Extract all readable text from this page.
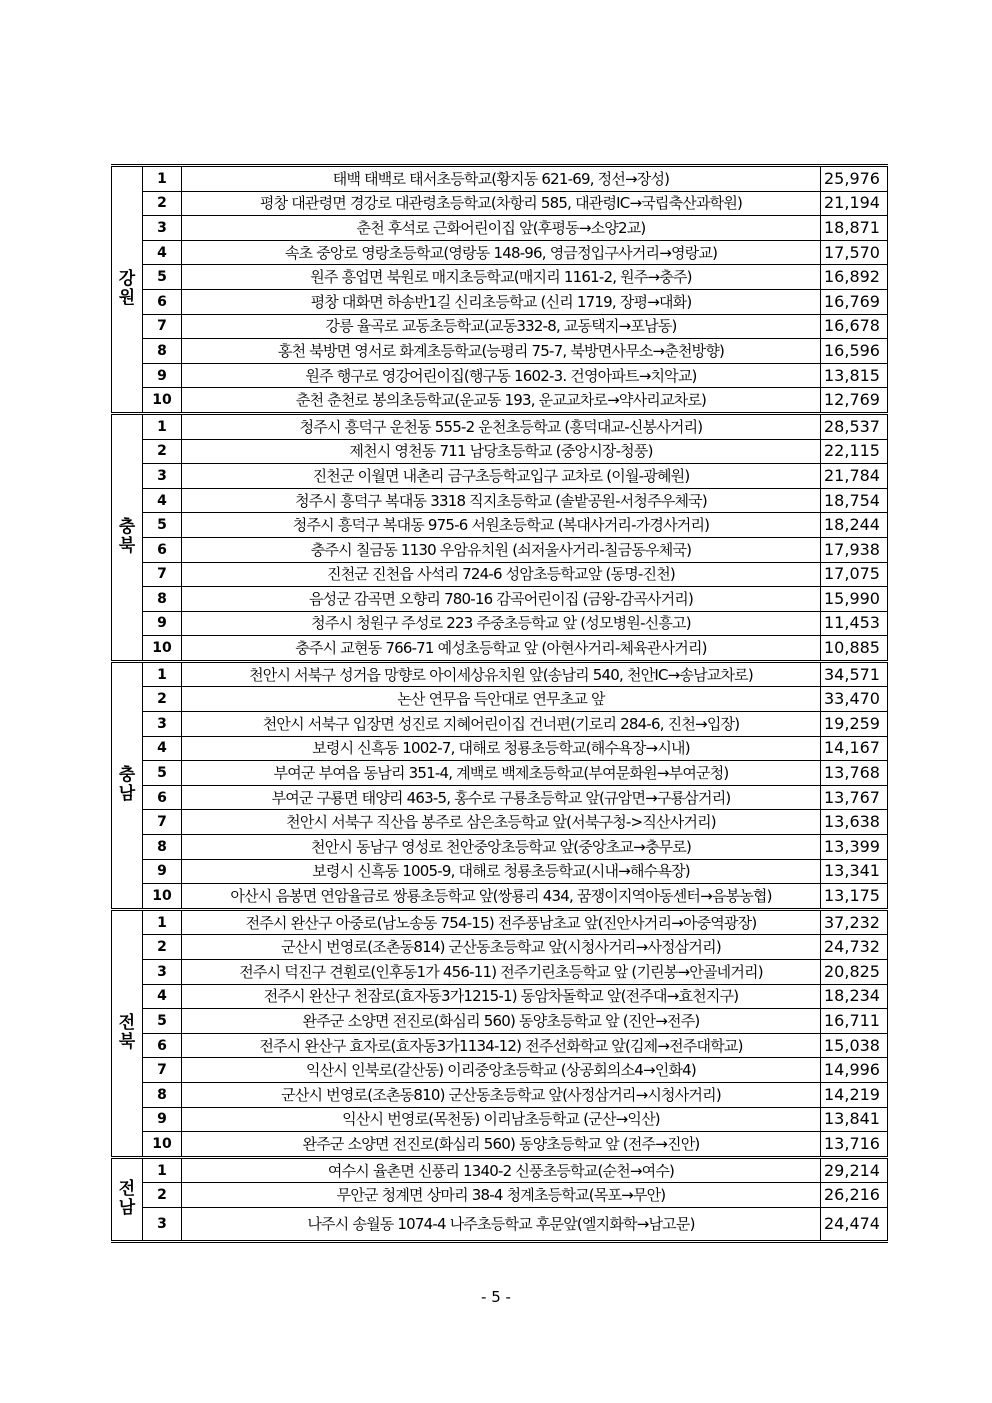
강원	1	태백 태백로 태서초등학교(황지동 621-69, 정선→장성)	25,976
	2	평창 대관령면 경강로 대관령초등학교(차항리 585, 대관령IC→국립축산과학원)	21,194
	3	춘천 후석로 근화어린이집 앞(후평동→소양2교)	18,871
	4	속초 중앙로 영랑초등학교(영랑동 148-96, 영금정입구사거리→영랑교)	17,570
	5	원주 흥업면 북원로 매지초등학교(매지리 1161-2, 원주→충주)	16,892
	6	평창 대화면 하송반1길 신리초등학교 (신리 1719, 장평→대화)	16,769
	7	강릉 율곡로 교동초등학교(교동332-8, 교동택지→포남동)	16,678
	8	홍천 북방면 영서로 화계초등학교(능평리 75-7, 북방면사무소→춘천방향)	16,596
	9	원주 행구로 영강어린이집(행구동 1602-3. 건영아파트→치악교)	13,815
	10	춘천 춘천로 봉의초등학교(운교동 193, 운교교차로→약사리교차로)	12,769
충북	1	청주시 흥덕구 운천동 555-2 운천초등학교 (흥덕대교-신봉사거리)	28,537
	2	제천시 영천동 711 남당초등학교 (중앙시장-청풍)	22,115
	3	진천군 이월면 내촌리 금구초등학교입구 교차로 (이월-광혜원)	21,784
	4	청주시 흥덕구 복대동 3318 직지초등학교 (솔밭공원-서청주우체국)	18,754
	5	청주시 흥덕구 복대동 975-6 서원초등학교 (복대사거리-가경사거리)	18,244
	6	충주시 칠금동 1130 우암유치원 (쇠저울사거리-칠금동우체국)	17,938
	7	진천군 진천읍 사석리 724-6 성암초등학교앞 (동명-진천)	17,075
	8	음성군 감곡면 오향리 780-16 감곡어린이집 (금왕-감곡사거리)	15,990
	9	청주시 청원구 주성로 223 주중초등학교 앞 (성모병원-신흥고)	11,453
	10	충주시 교현동 766-71 예성초등학교 앞 (아현사거리-체육관사거리)	10,885
충남	1	천안시 서북구 성거읍 망향로 아이세상유치원 앞(송남리 540, 천안IC→송남교차로)	34,571
	2	논산 연무읍 득안대로 연무초교 앞	33,470
	3	천안시 서북구 입장면 성진로 지혜어린이집 건너편(기로리 284-6, 진천→입장)	19,259
	4	보령시 신흑동 1002-7, 대해로 청룡초등학교(해수욕장→시내)	14,167
	5	부여군 부여읍 동남리 351-4, 계백로 백제초등학교(부여문화원→부여군청)	13,768
	6	부여군 구룡면 태양리 463-5, 홍수로 구룡초등학교 앞(규암면→구룡삼거리)	13,767
	7	천안시 서북구 직산읍 봉주로 삼은초등학교 앞(서북구청->직산사거리)	13,638
	8	천안시 동남구 영성로 천안중앙초등학교 앞(중앙초교→충무로)	13,399
	9	보령시 신흑동 1005-9, 대해로 청룡초등학교(시내→해수욕장)	13,341
	10	아산시 음봉면 연암율금로 쌍룡초등학교 앞(쌍룡리 434, 꿈쟁이지역아동센터→음봉농협)	13,175
전북	1	전주시 완산구 아중로(남노송동 754-15) 전주풍남초교 앞(진안사거리→아중역광장)	37,232
	2	군산시 번영로(조촌동814) 군산동초등학교 앞(시청사거리→사정삼거리)	24,732
	3	전주시 덕진구 견훤로(인후동1가 456-11) 전주기린초등학교 앞 (기린봉→안골네거리)	20,825
	4	전주시 완산구 천잠로(효자동3가1215-1) 동암차돌학교 앞(전주대→효천지구)	18,234
	5	완주군 소양면 전진로(화심리 560) 동양초등학교 앞 (진안→전주)	16,711
	6	전주시 완산구 효자로(효자동3가1134-12) 전주선화학교 앞(김제→전주대학교)	15,038
	7	익산시 인북로(갈산동) 이리중앙초등학교 (상공회의소4→인화4)	14,996
	8	군산시 번영로(조촌동810) 군산동초등학교 앞(사정삼거리→시청사거리)	14,219
	9	익산시 번영로(목천동) 이리남초등학교 (군산→익산)	13,841
	10	완주군 소양면 전진로(화심리 560) 동양초등학교 앞 (전주→진안)	13,716
전남	1	여수시 율촌면 신풍리 1340-2 신풍초등학교(순천→여수)	29,214
	2	무안군 청계면 상마리 38-4 청계초등학교(목포→무안)	26,216
	3	나주시 송월동 1074-4 나주초등학교 후문앞(엘지화학→남고문)	24,474
- 5 -
